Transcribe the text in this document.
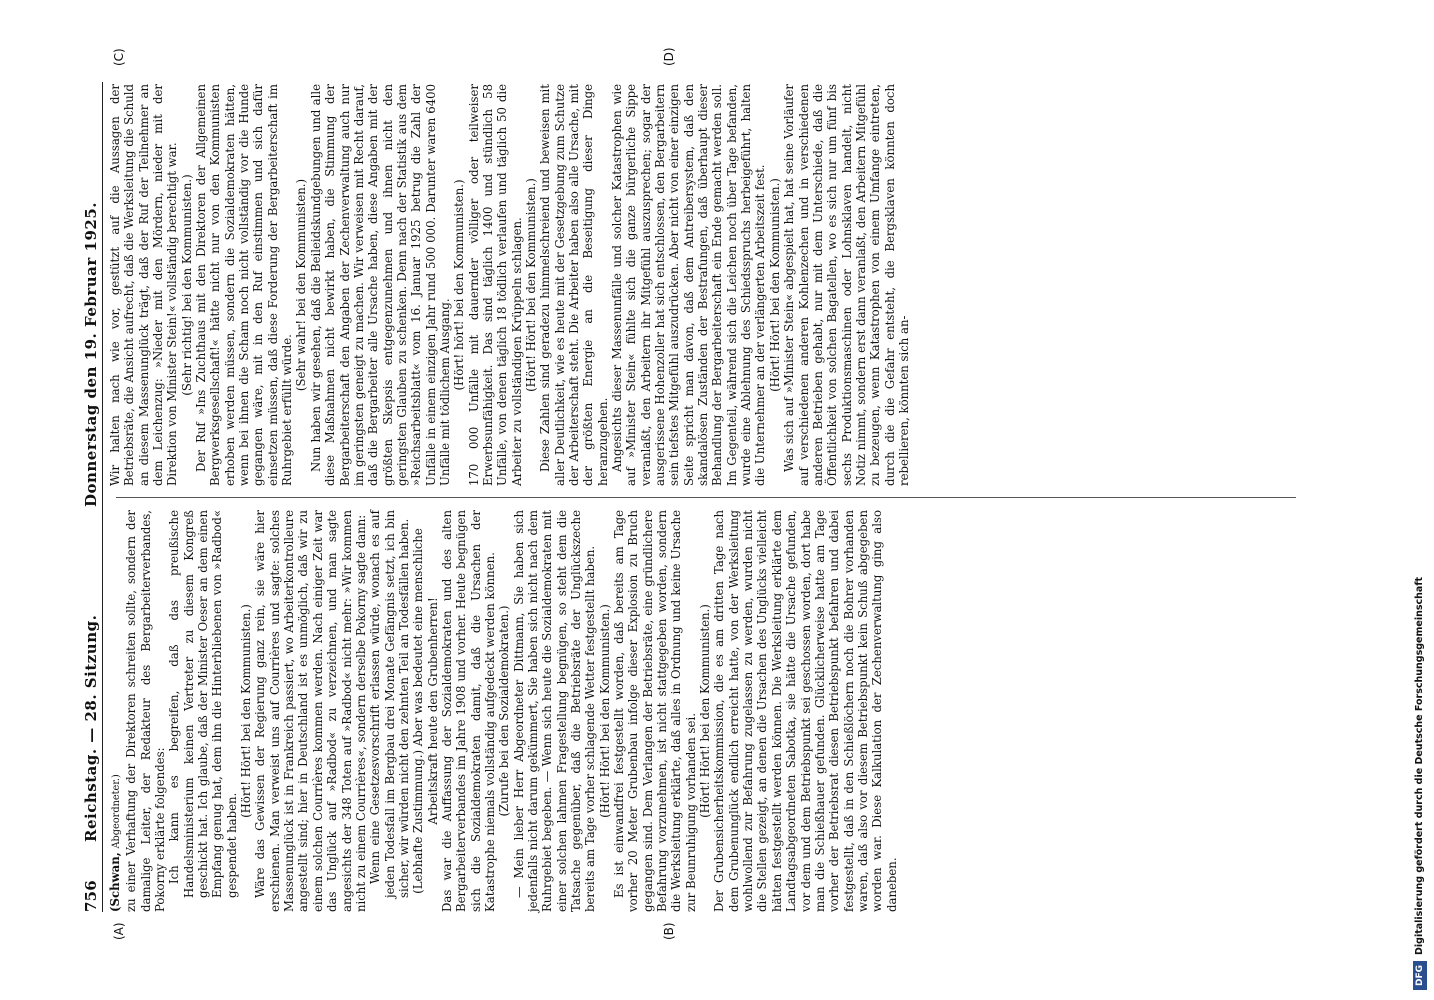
756
Reichstag. — 28. Sitzung.
Donnerstag den 19. Februar 1925.
(A)	(B)
(C)	(D)

(Schwan, Abgeordneter.) zu einer Verhaftung der Direktoren schreiten sollte, sondern der damalige Leiter, der Redakteur des Bergarbeiterverbandes, Pokorny erklärte folgendes: Ich kann es begreifen, daß das preußische Handelsministerium keinen Vertreter zu diesem Kongreß geschickt hat. Ich glaube, daß der Minister Oeser an dem einen Empfang genug hat, dem ihn die Hinterbliebenen von »Radbod« gespendet haben.

(Hört! Hört! bei den Kommunisten.) Wäre das Gewissen der Regierung ganz rein, sie wäre hier erschienen. Man verweist uns auf Courrières und sagte: solches Massenunglück ist in Frankreich passiert, wo Arbeiterkontrolleure angestellt sind; hier in Deutschland ist es unmöglich, daß wir zu einem solchen Courrières kommen werden. Nach einiger Zeit war das Unglück auf »Radbod« zu verzeichnen, und man sagte angesichts der 348 Toten auf »Radbod« nicht mehr: »Wir kommen nicht zu einem Courrières«, sondern derselbe Pokorny sagte dann: Wenn eine Gesetzesvorschrift erlassen würde, wonach es auf jeden Todesfall im Bergbau drei Monate Gefängnis setzt, ich bin sicher, wir würden nicht den zehnten Teil an Todesfällen haben. (Lebhafte Zustimmung.) Aber was bedeutet eine menschliche Arbeitskraft heute den Grubenherren! Das war die Auffassung der Sozialdemokraten und des alten Bergarbeiterverbandes im Jahre 1908 und vorher. Heute begnügen sich die Sozialdemokraten damit, daß die Ursachen der Katastrophe niemals vollständig aufgedeckt werden können. (Zurufe bei den Sozialdemokraten.) — Mein lieber Herr Abgeordneter Dittmann, Sie haben sich jedenfalls nicht darum gekümmert, Sie haben sich nicht nach dem Ruhrgebiet begeben. — Wenn sich heute die Sozialdemokraten mit einer solchen lahmen Fragestellung begnügen, so steht dem die Tatsache gegenüber, daß die Betriebsräte der Unglückszeche bereits am Tage vorher schlagende Wetter festgestellt haben. (Hört! Hört! bei den Kommunisten.) Es ist einwandfrei festgestellt worden, daß bereits am Tage vorher 20 Meter Grubenbau infolge dieser Explosion zu Bruch gegangen sind. Dem Verlangen der Betriebsräte, eine gründlichere Befahrung vorzunehmen, ist nicht stattgegeben worden, sondern die Werksleitung erklärte, daß alles in Ordnung und keine Ursache zur Beunruhigung vorhanden sei. (Hört! Hört! bei den Kommunisten.) Der Grubensicherheitskommission, die es am dritten Tage nach dem Grubenunglück endlich erreicht hatte, von der Werksleitung wohlwollend zur Befahrung zugelassen zu werden, wurden nicht die Stellen gezeigt, an denen die Ursachen des Unglücks vielleicht hätten festgestellt werden können. Die Werksleitung erklärte dem Landtagsabgeordneten Sabotka, sie hätte die Ursache gefunden, vor dem und dem Betriebspunkt sei geschossen worden, dort habe man die Schießhauer gefunden. Glücklicherweise hatte am Tage vorher der Betriebsrat diesen Betriebspunkt befahren und dabei festgestellt, daß in den Schießlöchern noch die Bohrer vorhanden waren, daß also vor diesem Betriebspunkt kein Schuß abgegeben worden war. Diese Kalkulation der Zechenverwaltung ging also daneben.

Wir halten nach wie vor, gestützt auf die Aussagen der Betriebsräte, die Ansicht aufrecht, daß die Werksleitung die Schuld an diesem Massenunglück trägt, daß der Ruf der Teilnehmer an dem Leichenzug: »Nieder mit den Mördern, nieder mit der Direktion von Minister Stein!« vollständig berechtigt war. (Sehr richtig! bei den Kommunisten.) Der Ruf »Ins Zuchthaus mit den Direktoren der Allgemeinen Bergwerksgesellschaft!« hätte nicht nur von den Kommunisten erhoben werden müssen, sondern die Sozialdemokraten hätten, wenn bei ihnen die Scham noch nicht vollständig vor die Hunde gegangen wäre, mit in den Ruf einstimmen und sich dafür einsetzen müssen, daß diese Forderung der Bergarbeiterschaft im Ruhrgebiet erfüllt würde.

(Sehr wahr! bei den Kommunisten.) Nun haben wir gesehen, daß die Beileidskundgebungen und alle diese Maßnahmen nicht bewirkt haben, die Stimmung der Bergarbeiterschaft den Angaben der Zechenverwaltung auch nur im geringsten geneigt zu machen. Wir verweisen mit Recht darauf, daß die Bergarbeiter alle Ursache haben, diese Angaben mit der größten Skepsis entgegenzunehmen und ihnen nicht den geringsten Glauben zu schenken. Denn nach der Statistik aus dem »Reichsarbeitsblatt« vom 16. Januar 1925 betrug die Zahl der Unfälle in einem einzigen Jahr rund 500 000. Darunter waren 6400 Unfälle mit tödlichem Ausgang.

(Hört! hört! bei den Kommunisten.) 170 000 Unfälle mit dauernder völliger oder teilweiser Erwerbsunfähigkeit. Das sind täglich 1400 und stündlich 58 Unfälle, von denen täglich 18 tödlich verlaufen und täglich 50 die Arbeiter zu vollständigen Krüppeln schlagen. (Hört! Hört! bei den Kommunisten.) Diese Zahlen sind geradezu himmelschreiend und beweisen mit aller Deutlichkeit, wie es heute mit der Gesetzgebung zum Schutze der Arbeiterschaft steht. Die Arbeiter haben also alle Ursache, mit der größten Energie an die Beseitigung dieser Dinge heranzugehen. Angesichts dieser Massenunfälle und solcher Katastrophen wie auf »Minister Stein« fühlte sich die ganze bürgerliche Sippe veranlaßt, den Arbeitern ihr Mitgefühl auszusprechen; sogar der ausgerissene Hohenzoller hat sich entschlossen, den Bergarbeitern sein tiefstes Mitgefühl auszudrücken. Aber nicht von einer einzigen Seite spricht man davon, daß dem Antreibersystem, daß den skandalösen Zuständen der Bestrafungen, daß überhaupt dieser Behandlung der Bergarbeiterschaft ein Ende gemacht werden soll. Im Gegenteil, während sich die Leichen noch über Tage befanden, wurde eine Ablehnung des Schiedsspruchs herbeigeführt, halten die Unternehmer an der verlängerten Arbeitszeit fest. (Hört! Hört! bei den Kommunisten.) Was sich auf »Minister Stein« abgespielt hat, hat seine Vorläufer auf verschiedenen anderen Kohlenzechen und in verschiedenen anderen Betrieben gehabt, nur mit dem Unterschiede, daß die Öffentlichkeit von solchen Bagatellen, wo es sich nur um fünf bis sechs Produktionsmaschinen oder Lohnsklaven handelt, nicht Notiz nimmt, sondern erst dann veranlaßt, den Arbeitern Mitgefühl zu bezeugen, wenn Katastrophen von einem Umfange eintreten, durch die die Gefahr entsteht, die Bergsklaven könnten doch rebellieren, könnten sich an-

DFGDigitalisierung gefördert durch die Deutsche Forschungsgemeinschaft
